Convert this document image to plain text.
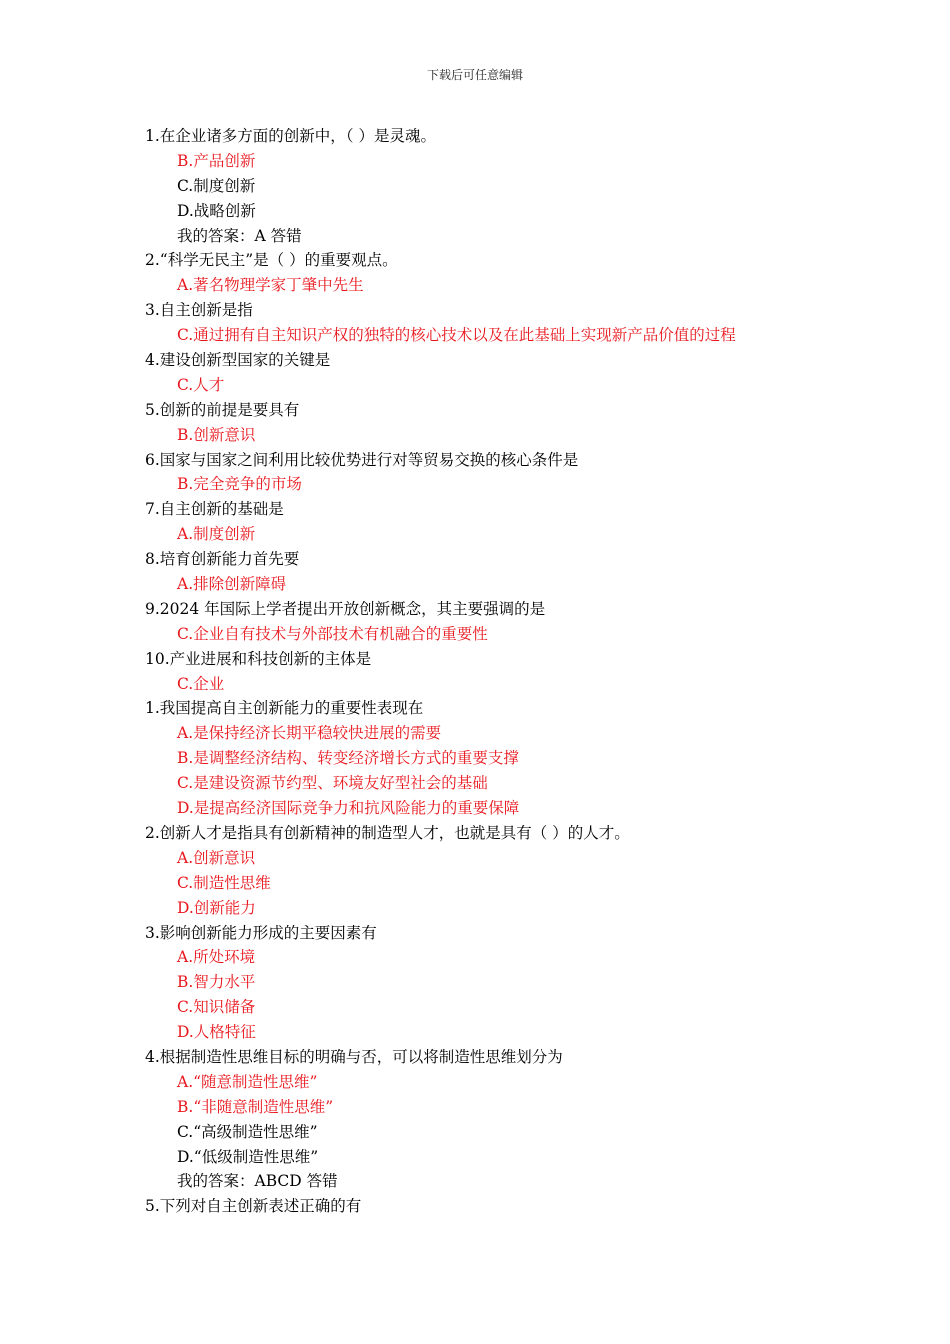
下载后可任意编辑
1.在企业诸多方面的创新中，（ ）是灵魂。
B.产品创新
C.制度创新
D.战略创新
我的答案：A 答错
2.“科学无民主”是（ ）的重要观点。
A.著名物理学家丁肇中先生
3.自主创新是指
C.通过拥有自主知识产权的独特的核心技术以及在此基础上实现新产品价值的过程
4.建设创新型国家的关键是
C.人才
5.创新的前提是要具有
B.创新意识
6.国家与国家之间利用比较优势进行对等贸易交换的核心条件是
B.完全竞争的市场
7.自主创新的基础是
A.制度创新
8.培育创新能力首先要
A.排除创新障碍
9.2024 年国际上学者提出开放创新概念，其主要强调的是
C.企业自有技术与外部技术有机融合的重要性
10.产业进展和科技创新的主体是
C.企业
1.我国提高自主创新能力的重要性表现在
A.是保持经济长期平稳较快进展的需要
B.是调整经济结构、转变经济增长方式的重要支撑
C.是建设资源节约型、环境友好型社会的基础
D.是提高经济国际竞争力和抗风险能力的重要保障
2.创新人才是指具有创新精神的制造型人才，也就是具有（ ）的人才。
A.创新意识
C.制造性思维
D.创新能力
3.影响创新能力形成的主要因素有
A.所处环境
B.智力水平
C.知识储备
D.人格特征
4.根据制造性思维目标的明确与否，可以将制造性思维划分为
A.“随意制造性思维”
B.“非随意制造性思维”
C.“高级制造性思维”
D.“低级制造性思维”
我的答案：ABCD 答错
5.下列对自主创新表述正确的有
